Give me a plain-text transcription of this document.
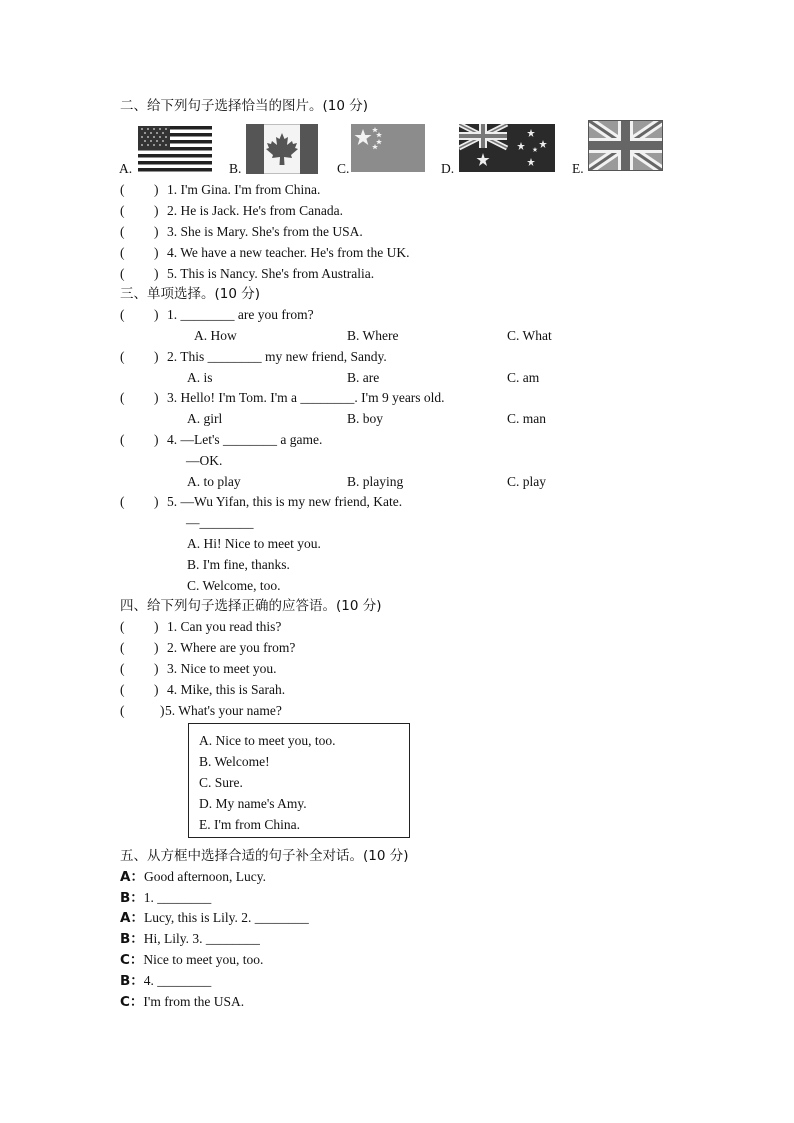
二、给下列句子选择恰当的图片。(10 分)
A.	B.	C.	D.	E.
( ) 1. I'm Gina. I'm from China.
( ) 2. He is Jack. He's from Canada.
( ) 3. She is Mary. She's from the USA.
( ) 4. We have a new teacher. He's from the UK.
( ) 5. This is Nancy. She's from Australia.
三、单项选择。(10 分)
( ) 1. ________ are you from?
A. How	B. Where	C. What
( ) 2. This ________ my new friend, Sandy.
A. is	B. are	C. am
( ) 3. Hello! I'm Tom. I'm a ________. I'm 9 years old.
A. girl	B. boy	C. man
( ) 4. —Let's ________ a game.
—OK.
A. to play	B. playing	C. play
( ) 5. —Wu Yifan, this is my new friend, Kate.
—________
A. Hi! Nice to meet you.
B. I'm fine, thanks.
C. Welcome, too.
四、给下列句子选择正确的应答语。(10 分)
( ) 1. Can you read this?
( ) 2. Where are you from?
( ) 3. Nice to meet you.
( ) 4. Mike, this is Sarah.
(	) 5. What's your name?
A. Nice to meet you, too.
B. Welcome!
C. Sure.
D. My name's Amy.
E. I'm from China.
五、从方框中选择合适的句子补全对话。(10 分)
A：Good afternoon, Lucy.
B：1. ________
A：Lucy, this is Lily. 2. ________
B：Hi, Lily. 3. ________
C：Nice to meet you, too.
B：4. ________
C：I'm from the USA.
